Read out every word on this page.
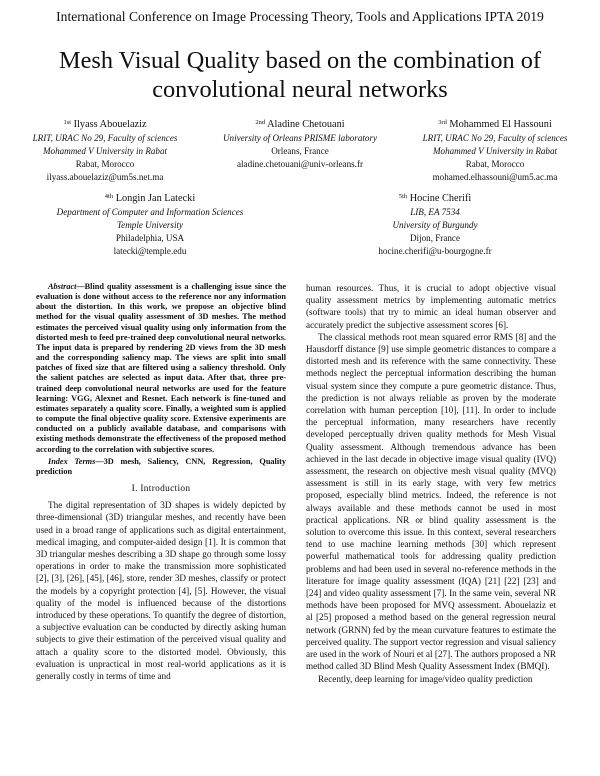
International Conference on Image Processing Theory, Tools and Applications IPTA 2019
Mesh Visual Quality based on the combination of convolutional neural networks
$^{1st}$ Ilyass Abouelaziz
LRIT, URAC No 29, Faculty of sciences
Mohammed V University in Rabat
Rabat, Morocco
ilyass.abouelaziz@um5s.net.ma
$^{2nd}$ Aladine Chetouani
University of Orleans PRISME laboratory
Orleans, France
aladine.chetouani@univ-orleans.fr
$^{3rd}$ Mohammed El Hassouni
LRIT, URAC No 29, Faculty of sciences
Mohammed V University in Rabat
Rabat, Morocco
mohamed.elhassouni@um5.ac.ma
$^{4th}$ Longin Jan Latecki
Department of Computer and Information Sciences
Temple University
Philadelphia, USA
latecki@temple.edu
$^{5th}$ Hocine Cherifi
LIB, EA 7534
University of Burgundy
Dijon, France
hocine.cherifi@u-bourgogne.fr

Abstract—Blind quality assessment is a challenging issue since the evaluation is done without access to the reference nor any information about the distortion. In this work, we propose an objective blind method for the visual quality assessment of 3D meshes. The method estimates the perceived visual quality using only information from the distorted mesh to feed pre-trained deep convolutional neural networks. The input data is prepared by rendering 2D views from the 3D mesh and the corresponding saliency map. The views are split into small patches of fixed size that are filtered using a saliency threshold. Only the salient patches are selected as input data. After that, three pre-trained deep convolutional neural networks are used for the feature learning: VGG, Alexnet and Resnet. Each network is fine-tuned and estimates separately a quality score. Finally, a weighted sum is applied to compute the final objective quality score. Extensive experiments are conducted on a publicly available database, and comparisons with existing methods demonstrate the effectiveness of the proposed method according to the correlation with subjective scores.

Index Terms—3D mesh, Saliency, CNN, Regression, Quality prediction

I. Introduction

The digital representation of 3D shapes is widely depicted by three-dimensional (3D) triangular meshes, and recently have been used in a broad range of applications such as digital entertainment, medical imaging, and computer-aided design [1]. It is common that 3D triangular meshes describing a 3D shape go through some lossy operations in order to make the transmission more sophisticated [2], [3], [26], [45], [46], store, render 3D meshes, classify or protect the models by a copyright protection [4], [5]. However, the visual quality of the model is influenced because of the distortions introduced by these operations. To quantify the degree of distortion, a subjective evaluation can be conducted by directly asking human subjects to give their estimation of the perceived visual quality and attach a quality score to the distorted model. Obviously, this evaluation is unpractical in most real-world applications as it is generally costly in terms of time and

human resources. Thus, it is crucial to adopt objective visual quality assessment metrics by implementing automatic metrics (software tools) that try to mimic an ideal human observer and accurately predict the subjective assessment scores [6].

The classical methods root mean squared error RMS [8] and the Hausdorff distance [9] use simple geometric distances to compare a distorted mesh and its reference with the same connectivity. These methods neglect the perceptual information describing the human visual system since they compute a pure geometric distance. Thus, the prediction is not always reliable as proven by the moderate correlation with human perception [10], [11]. In order to include the perceptual information, many researchers have recently developed perceptually driven quality methods for Mesh Visual Quality assessment. Although tremendous advance has been achieved in the last decade in objective image visual quality (IVQ) assessment, the research on objective mesh visual quality (MVQ) assessment is still in its early stage, with very few metrics proposed, especially blind metrics. Indeed, the reference is not always available and these methods cannot be used in most practical applications. NR or blind quality assessment is the solution to overcome this issue. In this context, several researchers tend to use machine learning methods [30] which represent powerful mathematical tools for addressing quality prediction problems and had been used in several no-reference methods in the literature for image quality assessment (IQA) [21] [22] [23] and [24] and video quality assessment [7]. In the same vein, several NR methods have been proposed for MVQ assessment. Abouelaziz et al [25] proposed a method based on the general regression neural network (GRNN) fed by the mean curvature features to estimate the perceived quality. The support vector regression and visual saliency are used in the work of Nouri et al [27]. The authors proposed a NR method called 3D Blind Mesh Quality Assessment Index (BMQI).

Recently, deep learning for image/video quality prediction
